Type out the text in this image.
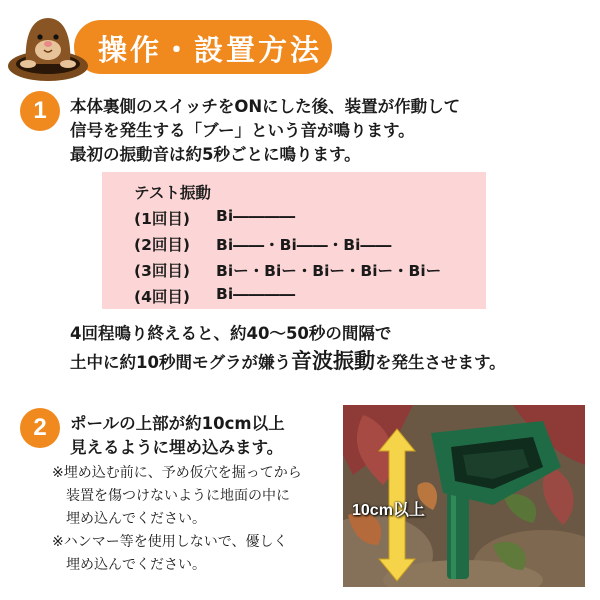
操作・設置方法
1	本体裏側のスイッチをONにした後、装置が作動して
信号を発生する「ブー」という音が鳴ります。
最初の振動音は約5秒ごとに鳴ります。
テスト振動
(1回目) Bi――――
(2回目) Bi――・Bi――・Bi――
(3回目) Biー・Biー・Biー・Biー・Biー
(4回目) Bi――――
4回程鳴り終えると、約40～50秒の間隔で
土中に約10秒間モグラが嫌う音波振動を発生させます。
2	ポールの上部が約10cm以上
見えるように埋め込みます。
※埋め込む前に、予め仮穴を掘ってから
装置を傷つけないように地面の中に
埋め込んでください。
※ハンマー等を使用しないで、優しく
埋め込んでください。
10cm以上
